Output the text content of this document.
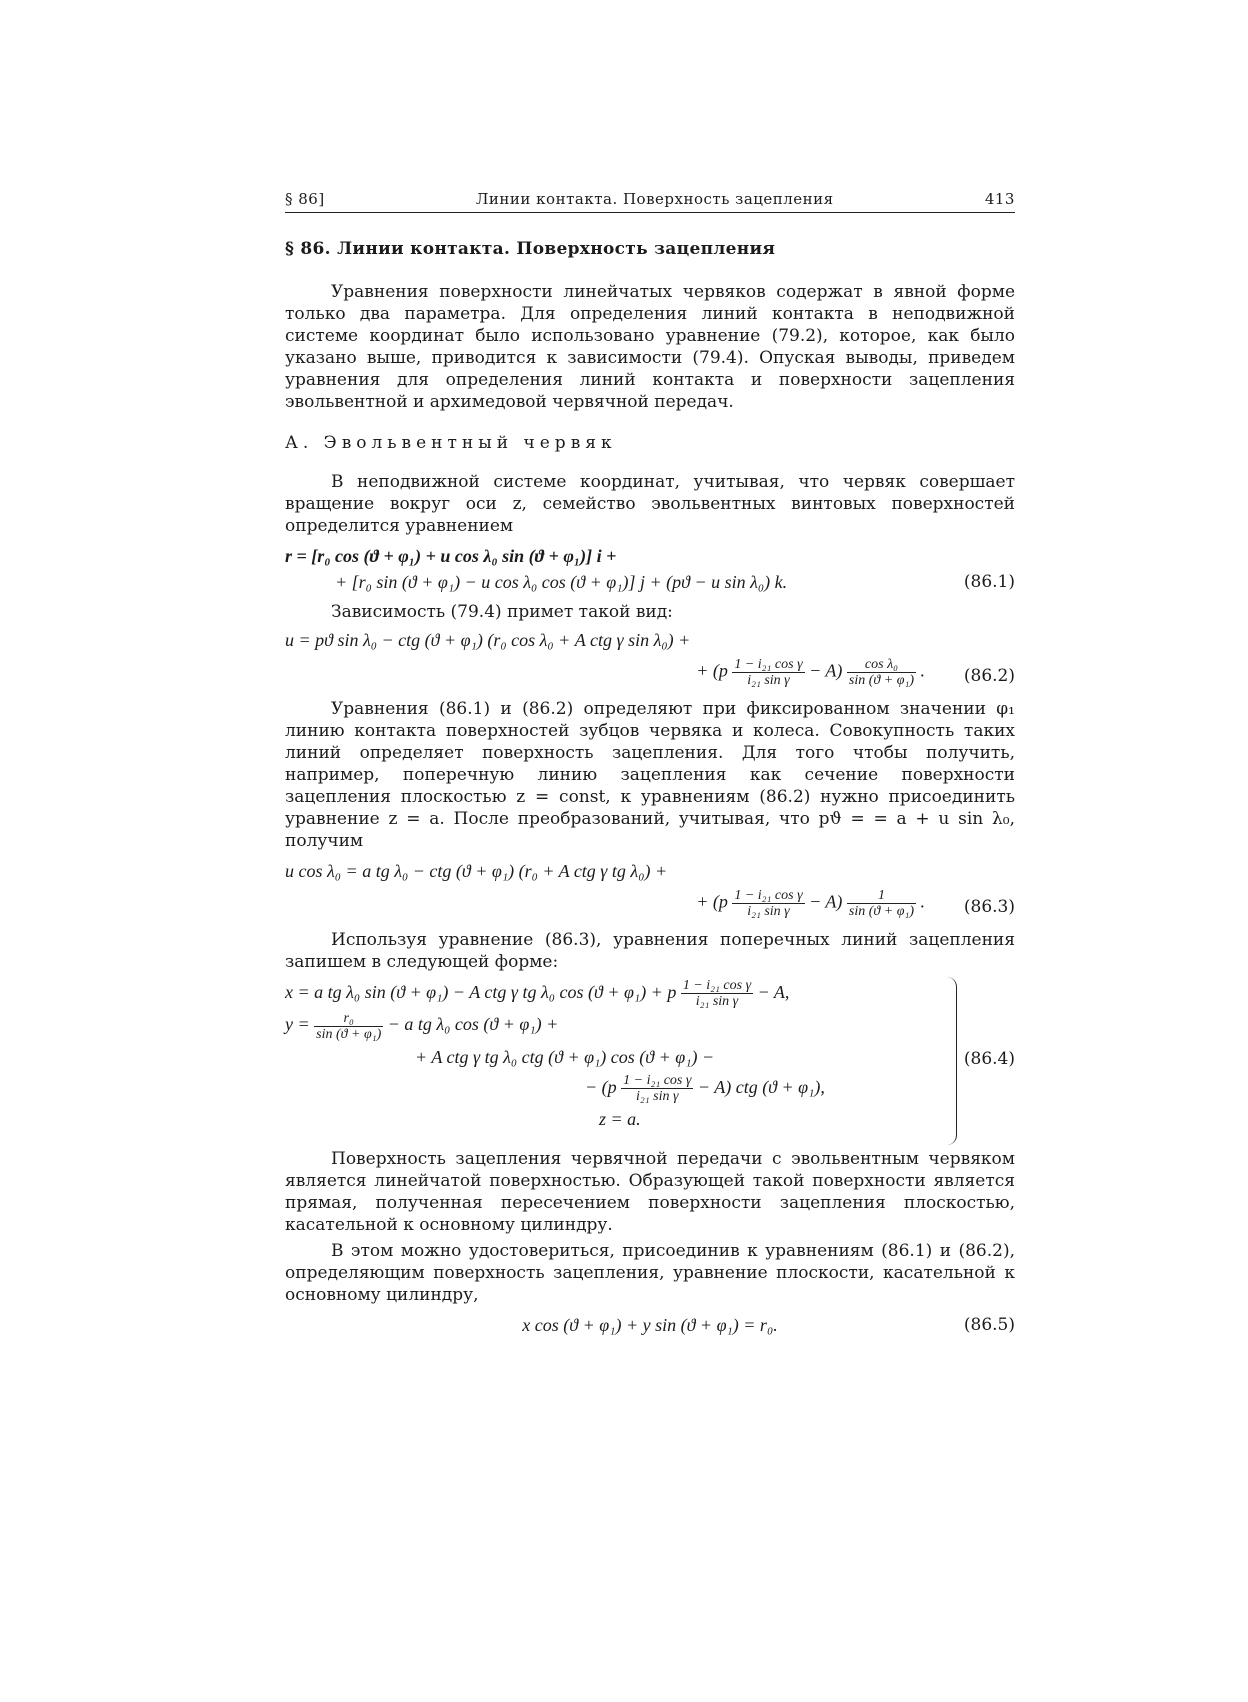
§ 86]	Линии контакта. Поверхность зацепления	413
§ 86. Линии контакта. Поверхность зацепления

Уравнения поверхности линейчатых червяков содержат в явной форме только два параметра. Для определения линий контакта в неподвижной системе координат было использовано уравнение (79.2), которое, как было указано выше, приводится к зависимости (79.4). Опуская выводы, приведем уравнения для определения линий контакта и поверхности зацепления эвольвентной и архимедовой червячной передач.

А. Эвольвентный червяк

В неподвижной системе координат, учитывая, что червяк совершает вращение вокруг оси z, семейство эвольвентных винтовых поверхностей определится уравнением

r = [r₀ cos (ϑ + φ₁) + u cos λ₀ sin (ϑ + φ₁)] i +
+ [r₀ sin (ϑ + φ₁) − u cos λ₀ cos (ϑ + φ₁)] j + (pϑ − u sin λ₀) k.	(86.1)

Зависимость (79.4) примет такой вид:

u = pϑ sin λ₀ − ctg (ϑ + φ₁) (r₀ cos λ₀ + A ctg γ sin λ₀) +
+ $(p \frac{\text{1 − i₂₁ cos γ}}{\text{i₂₁ sin γ}} - A) \frac{\text{cos λ₀}}{\text{sin (ϑ + φ₁)}}$ .	(86.2)

Уравнения (86.1) и (86.2) определяют при фиксированном значении φ₁ линию контакта поверхностей зубцов червяка и колеса. Совокупность таких линий определяет поверхность зацепления. Для того чтобы получить, например, поперечную линию зацепления как сечение поверхности зацепления плоскостью z = const, к уравнениям (86.2) нужно присоединить уравнение z = a. После преобразований, учитывая, что pϑ = = a + u sin λ₀, получим

u cos λ₀ = a tg λ₀ − ctg (ϑ + φ₁) (r₀ + A ctg γ tg λ₀) +
+ $(p \frac{\text{1 − i₂₁ cos γ}}{\text{i₂₁ sin γ}} - A) \frac{1}{\text{sin (ϑ + φ₁)}}$ .	(86.3)

Используя уравнение (86.3), уравнения поперечных линий зацепления запишем в следующей форме:

x = a tg λ₀ sin (ϑ + φ₁) − A ctg γ tg λ₀ cos (ϑ + φ₁) + p $\frac{\text{1 − i₂₁ cos γ}}{\text{i₂₁ sin γ}} - A$,
$y = \frac{\text{r₀}}{\text{sin (ϑ + φ₁)}} - a$ tg λ₀ cos (ϑ + φ₁) +
+ A ctg γ tg λ₀ ctg (ϑ + φ₁) cos (ϑ + φ₁) −
− $(p \frac{\text{1 − i₂₁ cos γ}}{\text{i₂₁ sin γ}} - A)$ ctg (ϑ + φ₁),
z = a.
(86.4)

Поверхность зацепления червячной передачи с эвольвентным червяком является линейчатой поверхностью. Образующей такой поверхности является прямая, полученная пересечением поверхности зацепления плоскостью, касательной к основному цилиндру.

В этом можно удостовериться, присоединив к уравнениям (86.1) и (86.2), определяющим поверхность зацепления, уравнение плоскости, касательной к основному цилиндру,

x cos (ϑ + φ₁) + y sin (ϑ + φ₁) = r₀.	(86.5)
